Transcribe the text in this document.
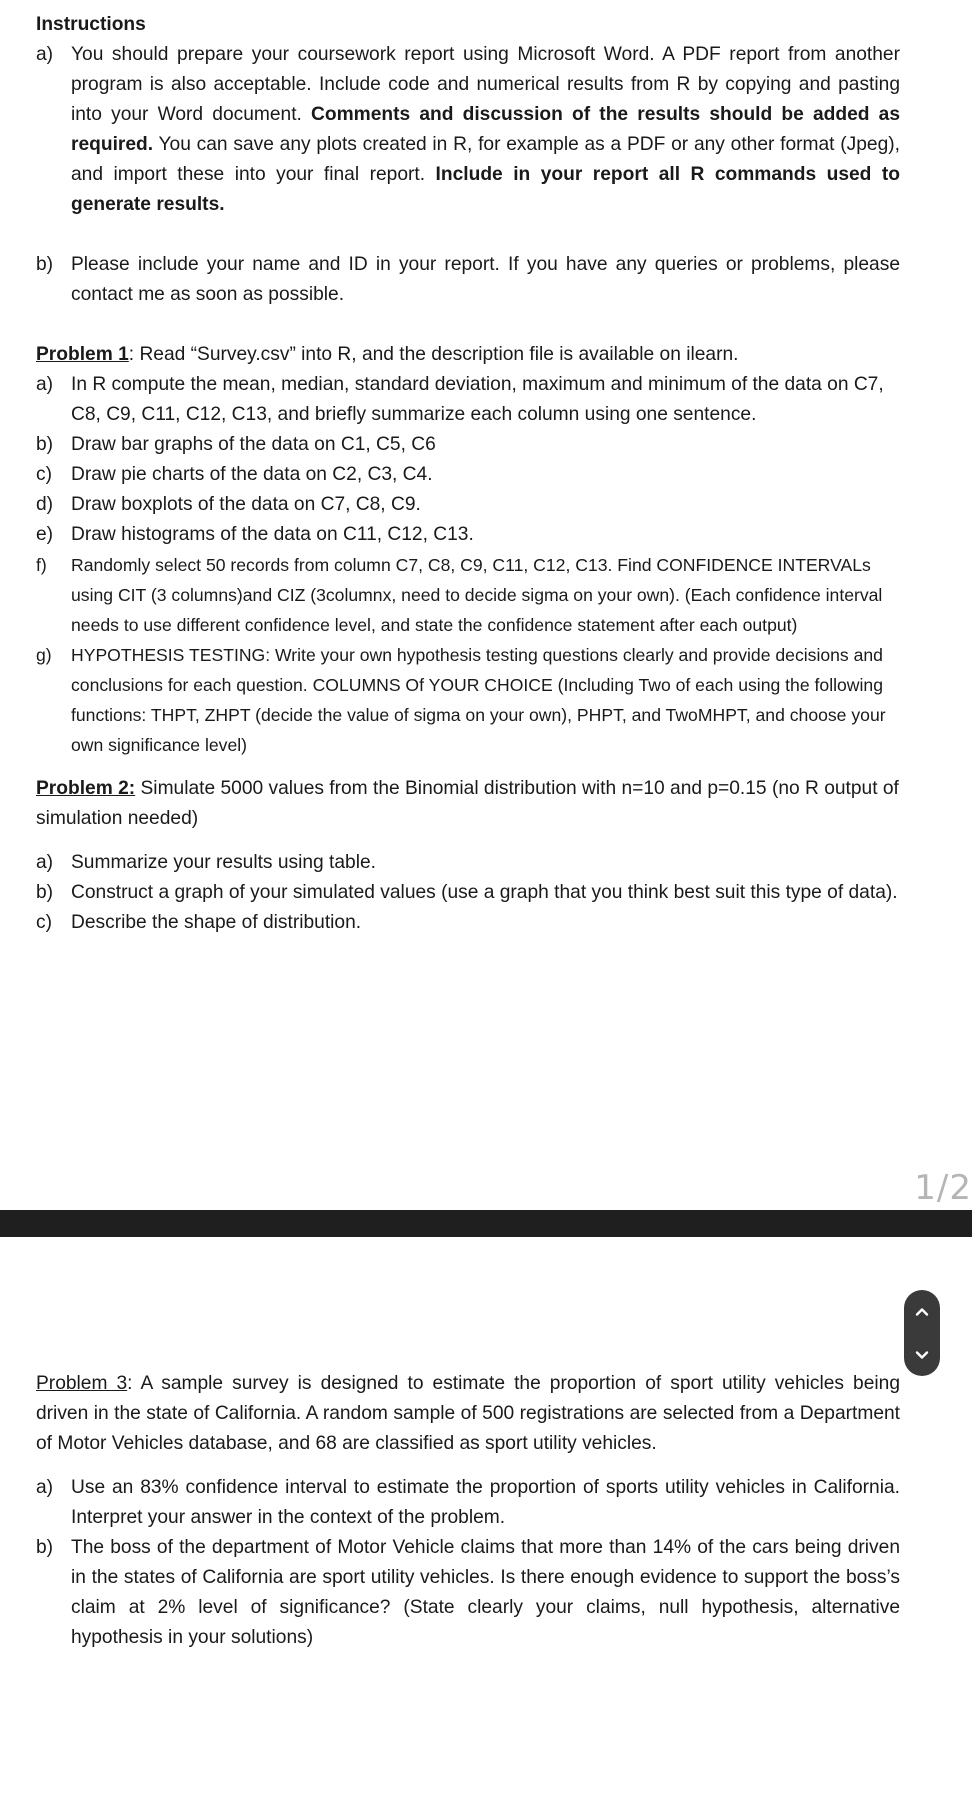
Instructions

a) You should prepare your coursework report using Microsoft Word. A PDF report from another program is also acceptable. Include code and numerical results from R by copying and pasting into your Word document. Comments and discussion of the results should be added as required. You can save any plots created in R, for example as a PDF or any other format (Jpeg), and import these into your final report. Include in your report all R commands used to generate results.
b) Please include your name and ID in your report. If you have any queries or problems, please contact me as soon as possible.

Problem 1: Read “Survey.csv” into R, and the description file is available on ilearn.

a) In R compute the mean, median, standard deviation, maximum and minimum of the data on C7, C8, C9, C11, C12, C13, and briefly summarize each column using one sentence.
b) Draw bar graphs of the data on C1, C5, C6
c) Draw pie charts of the data on C2, C3, C4.
d) Draw boxplots of the data on C7, C8, C9.
e) Draw histograms of the data on C11, C12, C13.
f) Randomly select 50 records from column C7, C8, C9, C11, C12, C13. Find CONFIDENCE INTERVALs using CIT (3 columns)and CIZ (3columnx, need to decide sigma on your own). (Each confidence interval needs to use different confidence level, and state the confidence statement after each output)
g) HYPOTHESIS TESTING: Write your own hypothesis testing questions clearly and provide decisions and conclusions for each question. COLUMNS Of YOUR CHOICE (Including Two of each using the following functions: THPT, ZHPT (decide the value of sigma on your own), PHPT, and TwoMHPT, and choose your own significance level)

Problem 2: Simulate 5000 values from the Binomial distribution with n=10 and p=0.15 (no R output of simulation needed)

a) Summarize your results using table.
b) Construct a graph of your simulated values (use a graph that you think best suit this type of data).
c) Describe the shape of distribution.
1/2

Problem 3: A sample survey is designed to estimate the proportion of sport utility vehicles being driven in the state of California. A random sample of 500 registrations are selected from a Department of Motor Vehicles database, and 68 are classified as sport utility vehicles.

a) Use an 83% confidence interval to estimate the proportion of sports utility vehicles in California. Interpret your answer in the context of the problem.
b) The boss of the department of Motor Vehicle claims that more than 14% of the cars being driven in the states of California are sport utility vehicles. Is there enough evidence to support the boss’s claim at 2% level of significance? (State clearly your claims, null hypothesis, alternative hypothesis in your solutions)
